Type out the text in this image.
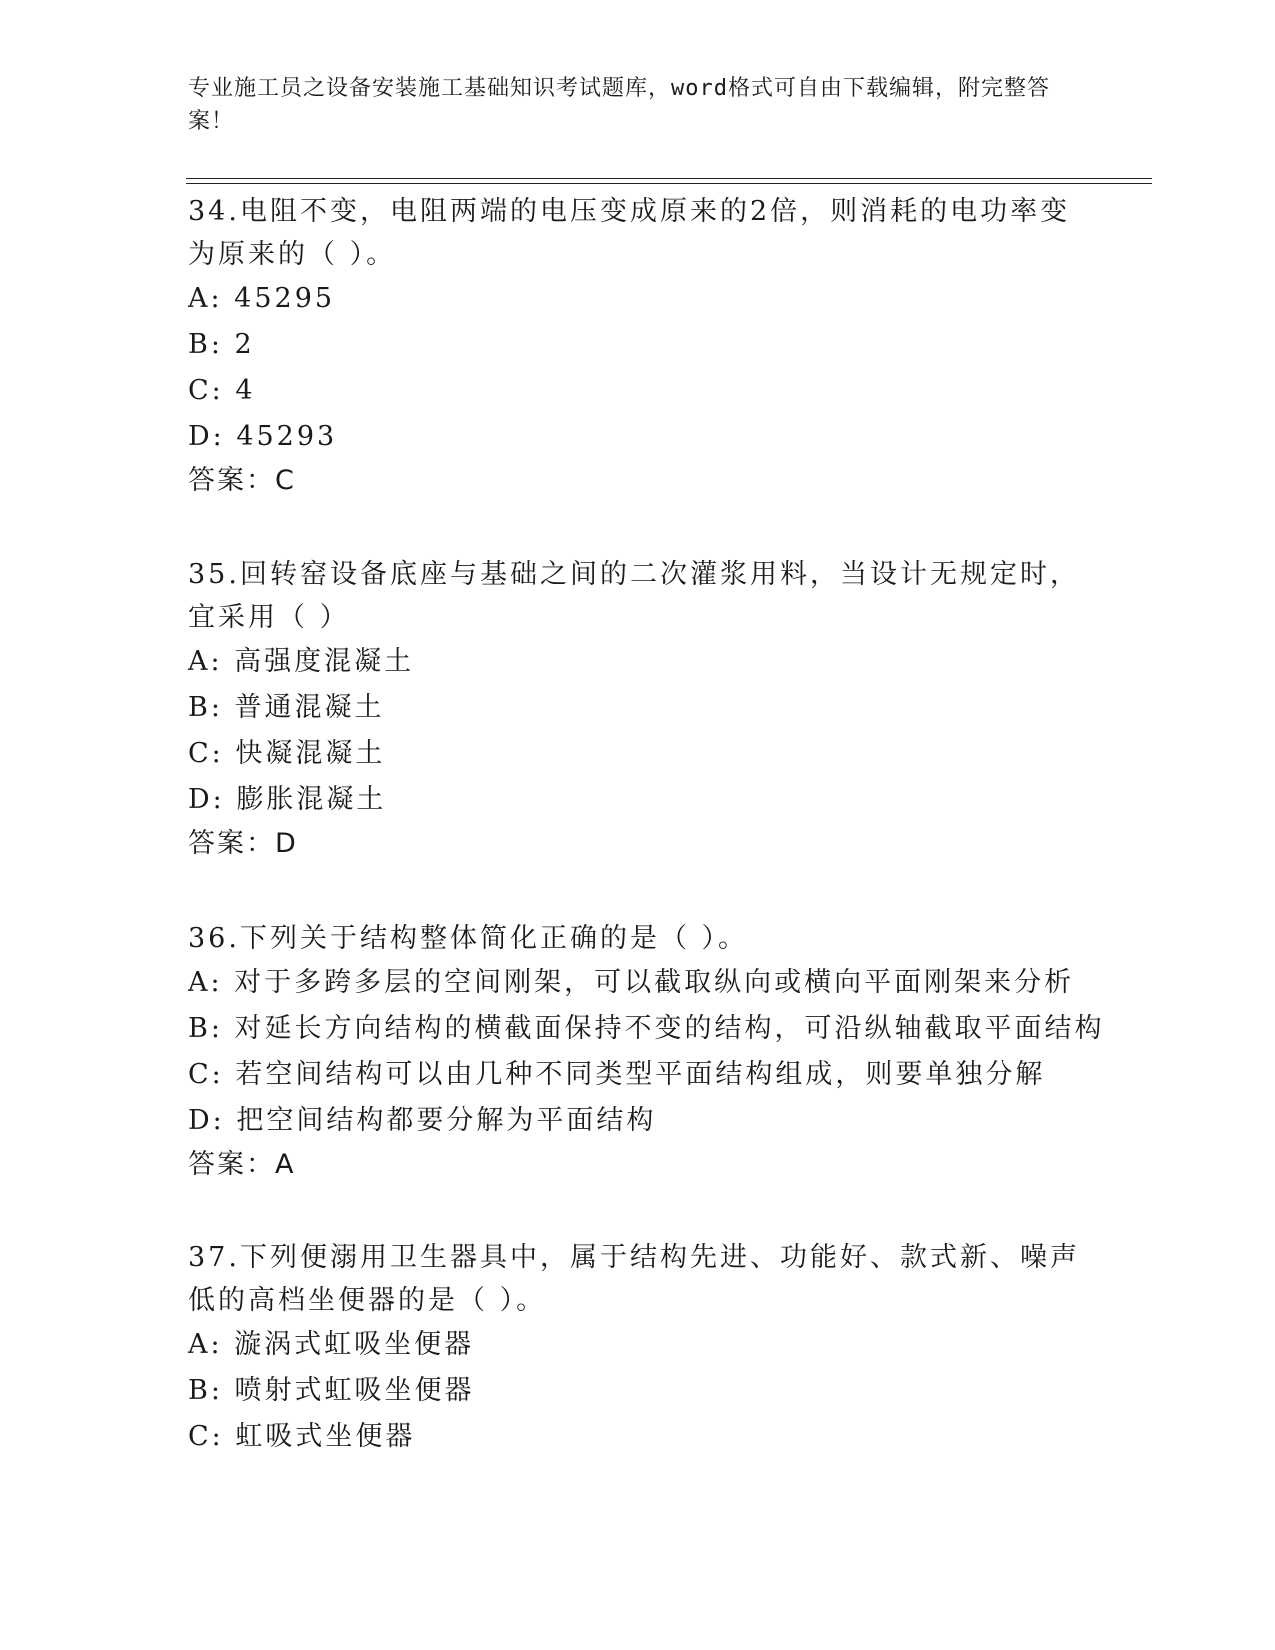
专业施工员之设备安装施工基础知识考试题库，word格式可自由下载编辑，附完整答案！

34.电阻不变，电阻两端的电压变成原来的2倍，则消耗的电功率变为原来的（ ）。

A: 45295

B: 2

C: 4

D: 45293

答案：C

35.回转窑设备底座与基础之间的二次灌浆用料，当设计无规定时，宜采用（ ）

A: 高强度混凝土

B: 普通混凝土

C: 快凝混凝土

D: 膨胀混凝土

答案：D

36.下列关于结构整体简化正确的是（ ）。

A: 对于多跨多层的空间刚架，可以截取纵向或横向平面刚架来分析

B: 对延长方向结构的横截面保持不变的结构，可沿纵轴截取平面结构

C: 若空间结构可以由几种不同类型平面结构组成，则要单独分解

D: 把空间结构都要分解为平面结构

答案：A

37.下列便溺用卫生器具中，属于结构先进、功能好、款式新、噪声低的高档坐便器的是（ ）。

A: 漩涡式虹吸坐便器

B: 喷射式虹吸坐便器

C: 虹吸式坐便器
